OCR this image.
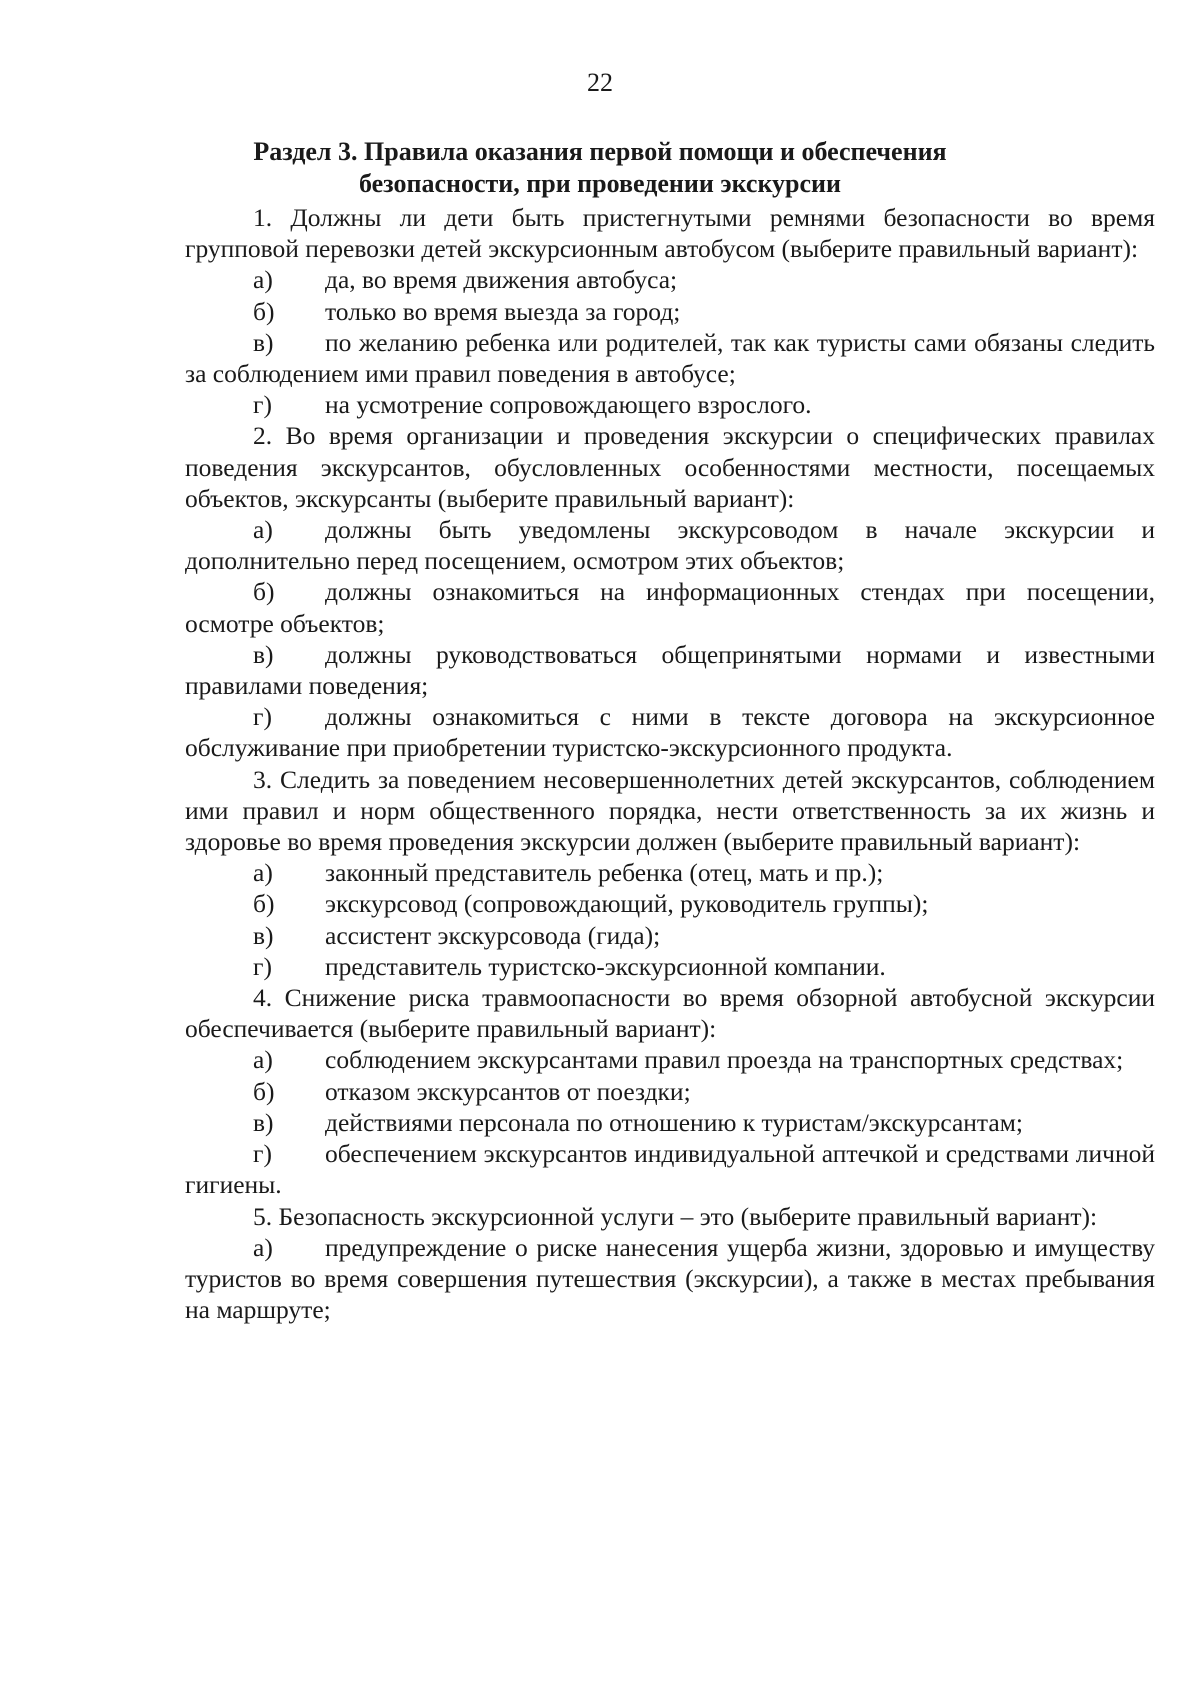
22
Раздел 3. Правила оказания первой помощи и обеспечения
безопасности, при проведении экскурсии

1. Должны ли дети быть пристегнутыми ремнями безопасности во время групповой перевозки детей экскурсионным автобусом (выберите правильный вариант):

а) да, во время движения автобуса;

б) только во время выезда за город;

в) по желанию ребенка или родителей, так как туристы сами обязаны следить за соблюдением ими правил поведения в автобусе;

г) на усмотрение сопровождающего взрослого.

2. Во время организации и проведения экскурсии о специфических правилах поведения экскурсантов, обусловленных особенностями местности, посещаемых объектов, экскурсанты (выберите правильный вариант):

а) должны быть уведомлены экскурсоводом в начале экскурсии и дополнительно перед посещением, осмотром этих объектов;

б) должны ознакомиться на информационных стендах при посещении, осмотре объектов;

в) должны руководствоваться общепринятыми нормами и известными правилами поведения;

г) должны ознакомиться с ними в тексте договора на экскурсионное обслуживание при приобретении туристско-экскурсионного продукта.

3. Следить за поведением несовершеннолетних детей экскурсантов, соблюдением ими правил и норм общественного порядка, нести ответственность за их жизнь и здоровье во время проведения экскурсии должен (выберите правильный вариант):

а) законный представитель ребенка (отец, мать и пр.);

б) экскурсовод (сопровождающий, руководитель группы);

в) ассистент экскурсовода (гида);

г) представитель туристско-экскурсионной компании.

4. Снижение риска травмоопасности во время обзорной автобусной экскурсии обеспечивается (выберите правильный вариант):

а) соблюдением экскурсантами правил проезда на транспортных средствах;

б) отказом экскурсантов от поездки;

в) действиями персонала по отношению к туристам/экскурсантам;

г) обеспечением экскурсантов индивидуальной аптечкой и средствами личной гигиены.

5. Безопасность экскурсионной услуги – это (выберите правильный вариант):

а) предупреждение о риске нанесения ущерба жизни, здоровью и имуществу туристов во время совершения путешествия (экскурсии), а также в местах пребывания на маршруте;
